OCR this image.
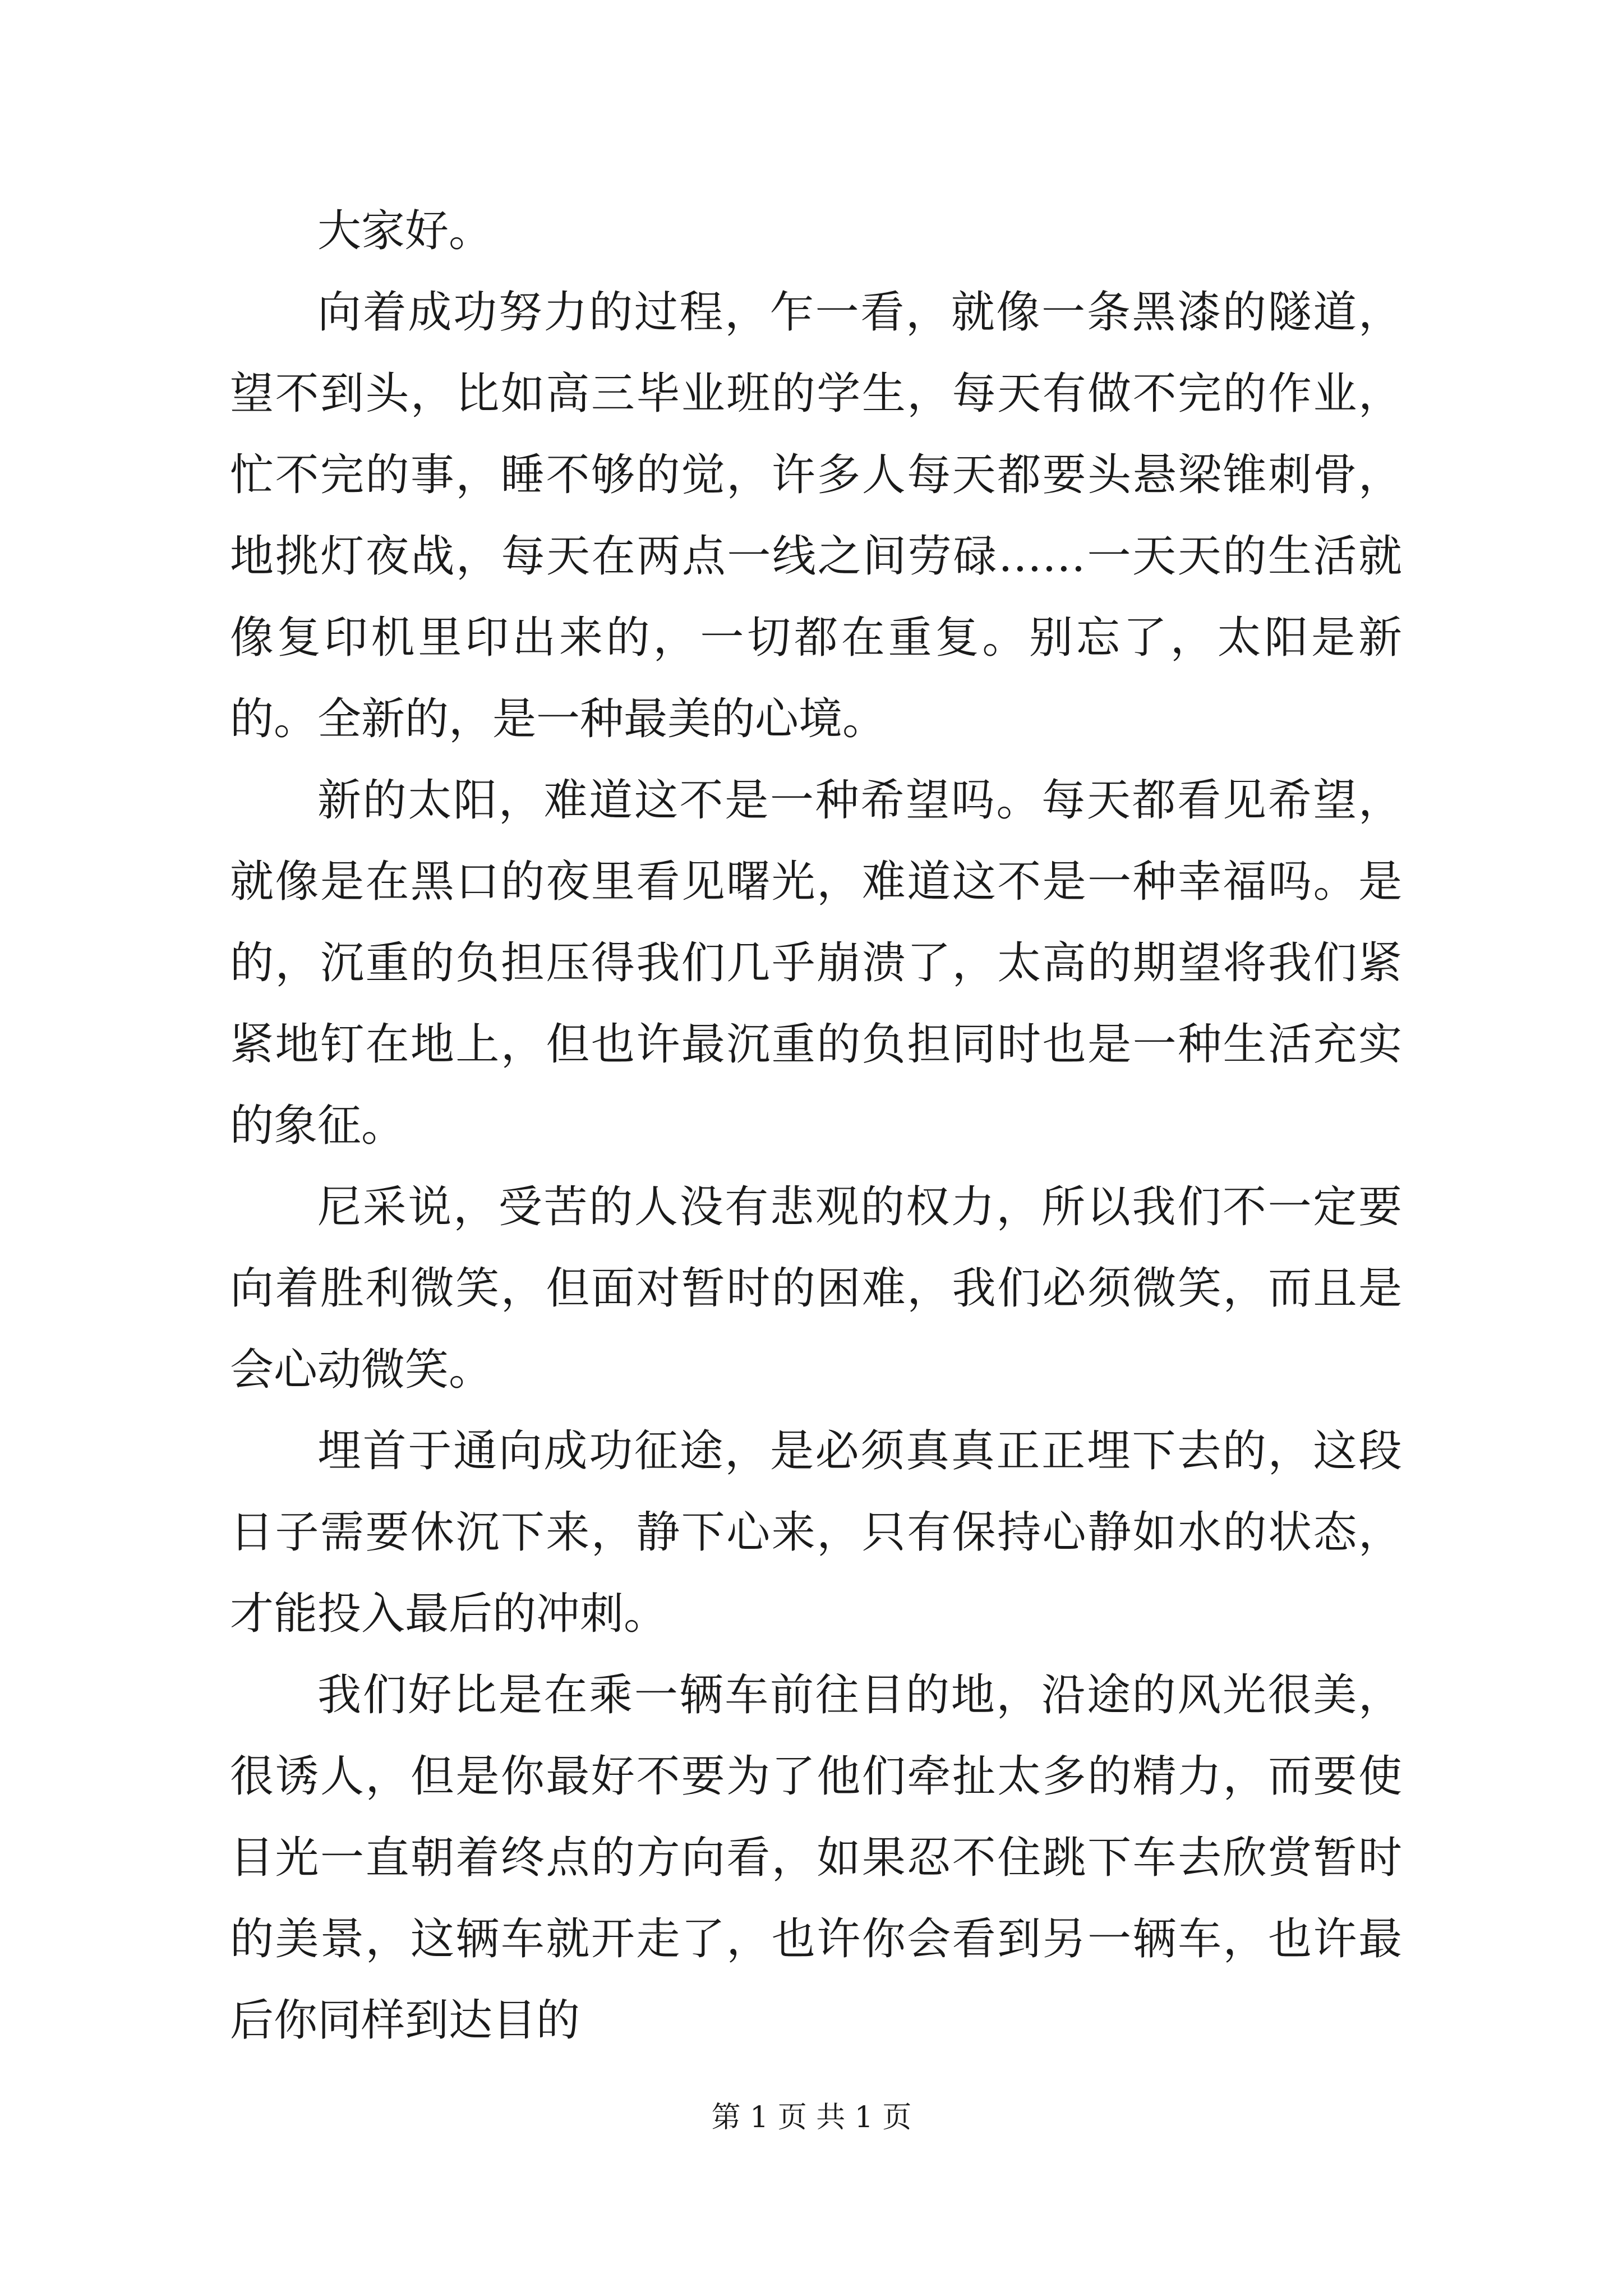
大家好。

向着成功努力的过程，乍一看，就像一条黑漆的隧道，望不到头，比如高三毕业班的学生，每天有做不完的作业，忙不完的事，睡不够的觉，许多人每天都要头悬梁锥刺骨，地挑灯夜战，每天在两点一线之间劳碌……一天天的生活就像复印机里印出来的，一切都在重复。别忘了，太阳是新的。全新的，是一种最美的心境。

新的太阳，难道这不是一种希望吗。每天都看见希望，就像是在黑口的夜里看见曙光，难道这不是一种幸福吗。是的，沉重的负担压得我们几乎崩溃了，太高的期望将我们紧紧地钉在地上，但也许最沉重的负担同时也是一种生活充实的象征。

尼采说，受苦的人没有悲观的权力，所以我们不一定要向着胜利微笑，但面对暂时的困难，我们必须微笑，而且是会心动微笑。

埋首于通向成功征途，是必须真真正正埋下去的，这段日子需要休沉下来，静下心来，只有保持心静如水的状态，才能投入最后的冲刺。

我们好比是在乘一辆车前往目的地，沿途的风光很美，很诱人，但是你最好不要为了他们牵扯太多的精力，而要使目光一直朝着终点的方向看，如果忍不住跳下车去欣赏暂时的美景，这辆车就开走了，也许你会看到另一辆车，也许最后你同样到达目的

第 1 页 共 1 页
